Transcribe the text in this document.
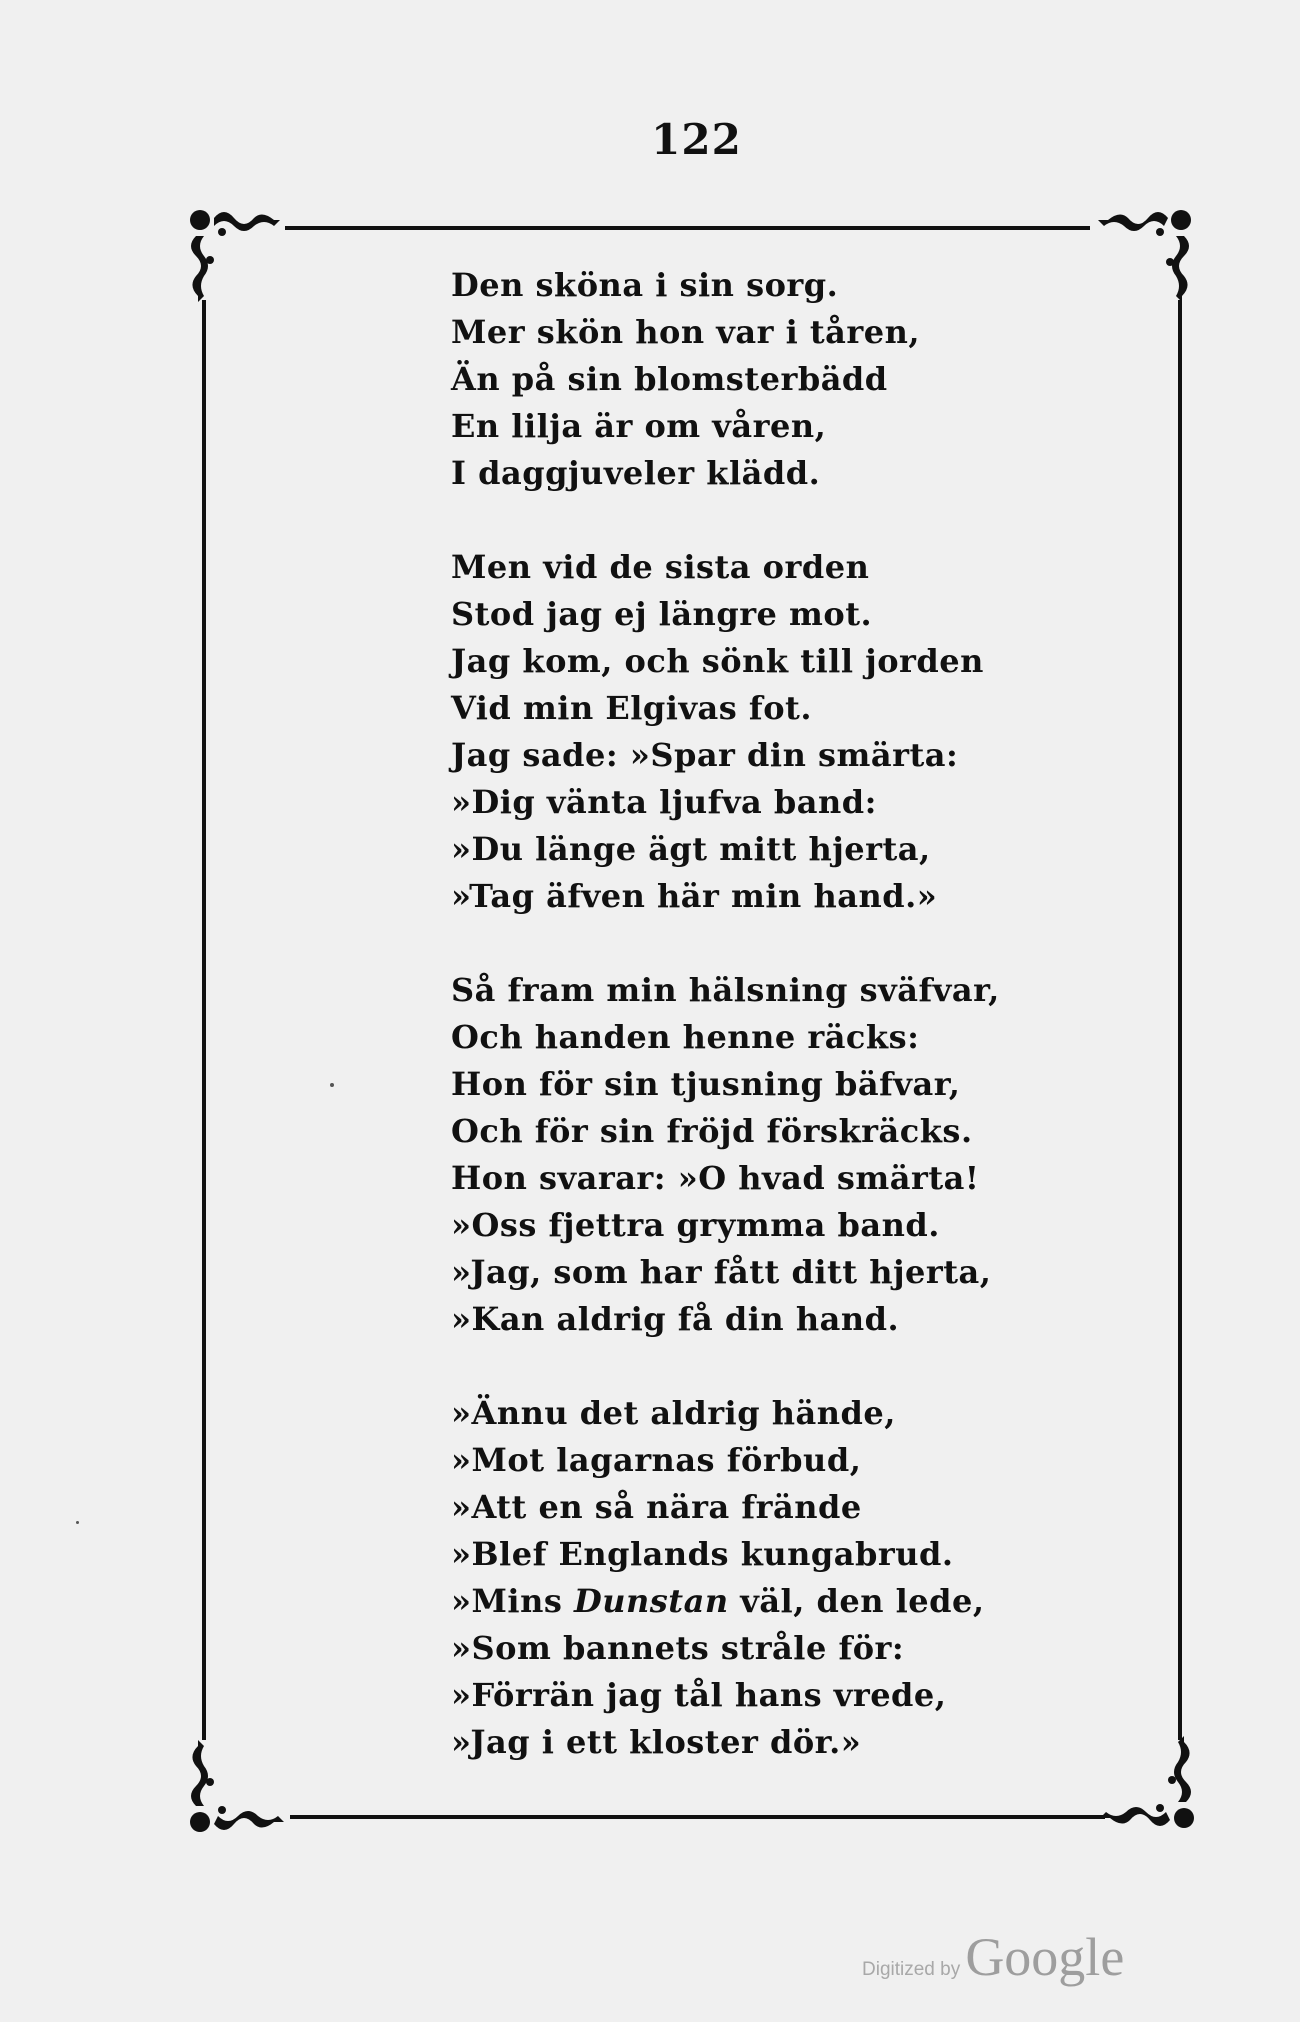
122
Den sköna i sin sorg.
Mer skön hon var i tåren,
Än på sin blomsterbädd
En lilja är om våren,
I daggjuveler klädd.
Men vid de sista orden
Stod jag ej längre mot.
Jag kom, och sönk till jorden
Vid min Elgivas fot.
Jag sade: »Spar din smärta:
»Dig vänta ljufva band:
»Du länge ägt mitt hjerta,
»Tag äfven här min hand.»
Så fram min hälsning sväfvar,
Och handen henne räcks:
Hon för sin tjusning bäfvar,
Och för sin fröjd förskräcks.
Hon svarar: »O hvad smärta!
»Oss fjettra grymma band.
»Jag, som har fått ditt hjerta,
»Kan aldrig få din hand.
»Ännu det aldrig hände,
»Mot lagarnas förbud,
»Att en så nära frände
»Blef Englands kungabrud.
»Mins Dunstan väl, den lede,
»Som bannets stråle för:
»Förrän jag tål hans vrede,
»Jag i ett kloster dör.»
Digitized by Google
